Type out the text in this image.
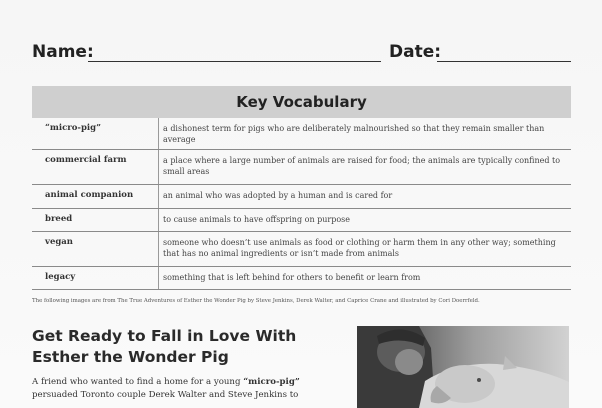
Name:	Date:
Key Vocabulary
“micro-pig”	a dishonest term for pigs who are deliberately malnourished so that they remain smaller than average
commercial farm	a place where a large number of animals are raised for food; the animals are typically confined to small areas
animal companion	an animal who was adopted by a human and is cared for
breed	to cause animals to have offspring on purpose
vegan	someone who doesn’t use animals as food or clothing or harm them in any other way; something that has no animal ingredients or isn’t made from animals
legacy	something that is left behind for others to benefit or learn from
The following images are from The True Adventures of Esther the Wonder Pig by Steve Jenkins, Derek Walter, and Caprice Crane and illustrated by Cori Doerrfeld.
Get Ready to Fall in Love With Esther the Wonder Pig
A friend who wanted to find a home for a young “micro-pig” persuaded Toronto couple Derek Walter and Steve Jenkins to
